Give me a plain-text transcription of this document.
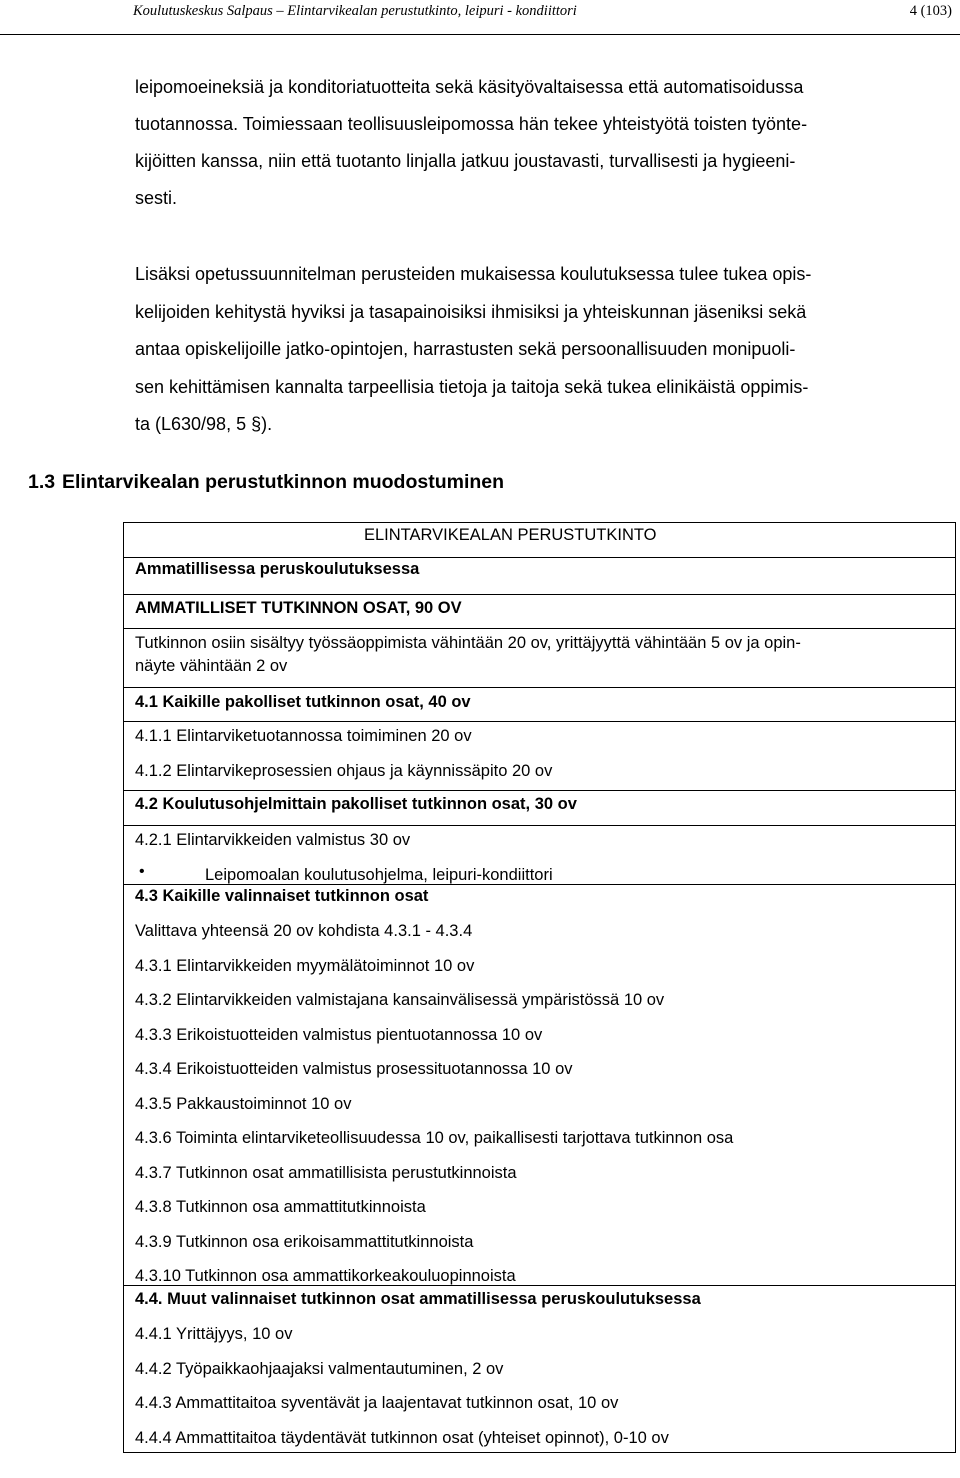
Koulutuskeskus Salpaus – Elintarvikealan perustutkinto, leipuri - kondiittori	4 (103)
leipomoeineksiä ja konditoriatuotteita sekä käsityövaltaisessa että automatisoidussa
tuotannossa. Toimiessaan teollisuusleipomossa hän tekee yhteistyötä toisten työnte-
kijöitten kanssa, niin että tuotanto linjalla jatkuu joustavasti, turvallisesti ja hygieeni-
sesti.
Lisäksi opetussuunnitelman perusteiden mukaisessa koulutuksessa tulee tukea opis-
kelijoiden kehitystä hyviksi ja tasapainoisiksi ihmisiksi ja yhteiskunnan jäseniksi sekä
antaa opiskelijoille jatko-opintojen, harrastusten sekä persoonallisuuden monipuoli-
sen kehittämisen kannalta tarpeellisia tietoja ja taitoja sekä tukea elinikäistä oppimis-
ta (L630/98, 5 §).
1.3 Elintarvikealan perustutkinnon muodostuminen
ELINTARVIKEALAN PERUSTUTKINTO
Ammatillisessa peruskoulutuksessa
AMMATILLISET TUTKINNON OSAT, 90 OV
Tutkinnon osiin sisältyy työssäoppimista vähintään 20 ov, yrittäjyyttä vähintään 5 ov ja opin-
näyte vähintään 2 ov
4.1 Kaikille pakolliset tutkinnon osat, 40 ov
4.1.1 Elintarviketuotannossa toimiminen 20 ov
4.1.2 Elintarvikeprosessien ohjaus ja käynnissäpito 20 ov
4.2 Koulutusohjelmittain pakolliset tutkinnon osat, 30 ov
4.2.1 Elintarvikkeiden valmistus 30 ov
•	Leipomoalan koulutusohjelma, leipuri-kondiittori
4.3 Kaikille valinnaiset tutkinnon osat
Valittava yhteensä 20 ov kohdista 4.3.1 - 4.3.4
4.3.1 Elintarvikkeiden myymälätoiminnot 10 ov
4.3.2 Elintarvikkeiden valmistajana kansainvälisessä ympäristössä 10 ov
4.3.3 Erikoistuotteiden valmistus pientuotannossa 10 ov
4.3.4 Erikoistuotteiden valmistus prosessituotannossa 10 ov
4.3.5 Pakkaustoiminnot 10 ov
4.3.6 Toiminta elintarviketeollisuudessa 10 ov, paikallisesti tarjottava tutkinnon osa
4.3.7 Tutkinnon osat ammatillisista perustutkinnoista
4.3.8 Tutkinnon osa ammattitutkinnoista
4.3.9 Tutkinnon osa erikoisammattitutkinnoista
4.3.10 Tutkinnon osa ammattikorkeakouluopinnoista
4.4. Muut valinnaiset tutkinnon osat ammatillisessa peruskoulutuksessa
4.4.1 Yrittäjyys, 10 ov
4.4.2 Työpaikkaohjaajaksi valmentautuminen, 2 ov
4.4.3 Ammattitaitoa syventävät ja laajentavat tutkinnon osat, 10 ov
4.4.4 Ammattitaitoa täydentävät tutkinnon osat (yhteiset opinnot), 0-10 ov
